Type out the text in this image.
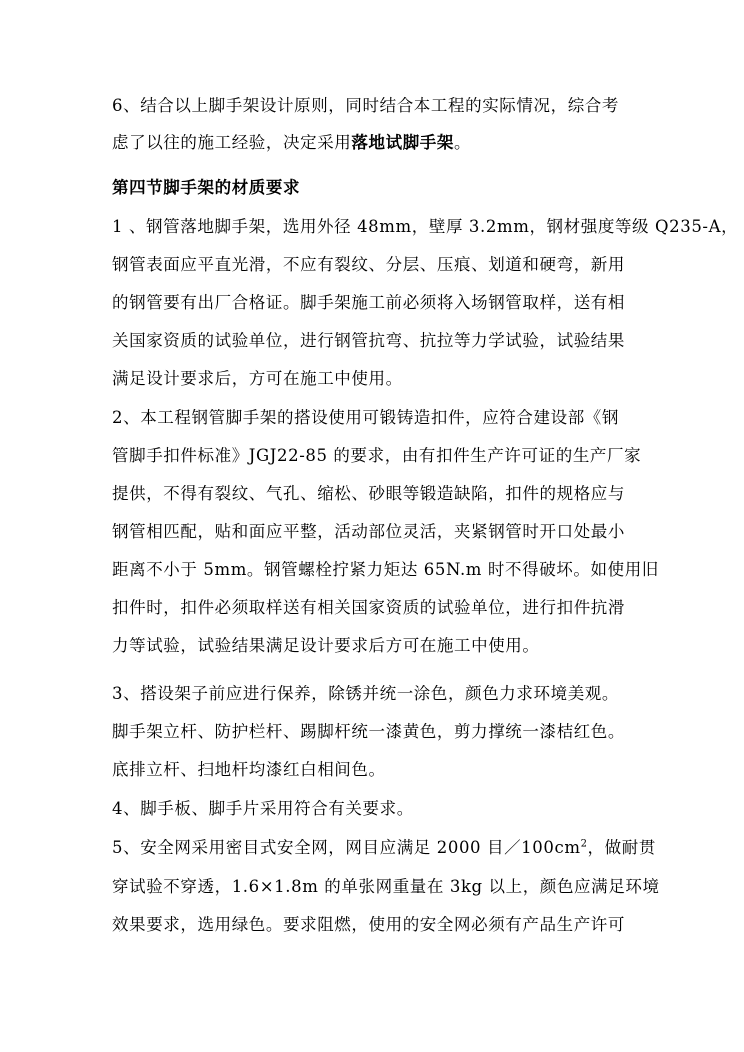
6、结合以上脚手架设计原则，同时结合本工程的实际情况，综合考
虑了以往的施工经验，决定采用落地试脚手架。
第四节脚手架的材质要求
1 、钢管落地脚手架，选用外径 48mm，壁厚 3.2mm，钢材强度等级 Q235-A，
钢管表面应平直光滑，不应有裂纹、分层、压痕、划道和硬弯，新用
的钢管要有出厂合格证。脚手架施工前必须将入场钢管取样，送有相
关国家资质的试验单位，进行钢管抗弯、抗拉等力学试验，试验结果
满足设计要求后，方可在施工中使用。
2、本工程钢管脚手架的搭设使用可锻铸造扣件，应符合建设部《钢
管脚手扣件标准》JGJ22-85 的要求，由有扣件生产许可证的生产厂家
提供，不得有裂纹、气孔、缩松、砂眼等锻造缺陷，扣件的规格应与
钢管相匹配，贴和面应平整，活动部位灵活，夹紧钢管时开口处最小
距离不小于 5mm。钢管螺栓拧紧力矩达 65N.m 时不得破坏。如使用旧
扣件时，扣件必须取样送有相关国家资质的试验单位，进行扣件抗滑
力等试验，试验结果满足设计要求后方可在施工中使用。
3、搭设架子前应进行保养，除锈并统一涂色，颜色力求环境美观。
脚手架立杆、防护栏杆、踢脚杆统一漆黄色，剪力撑统一漆桔红色。
底排立杆、扫地杆均漆红白相间色。
4、脚手板、脚手片采用符合有关要求。
5、安全网采用密目式安全网，网目应满足 2000 目$/100cm^2$，做耐贯
穿试验不穿透，1.6×1.8m 的单张网重量在 3kg 以上，颜色应满足环境
效果要求，选用绿色。要求阻燃，使用的安全网必须有产品生产许可
